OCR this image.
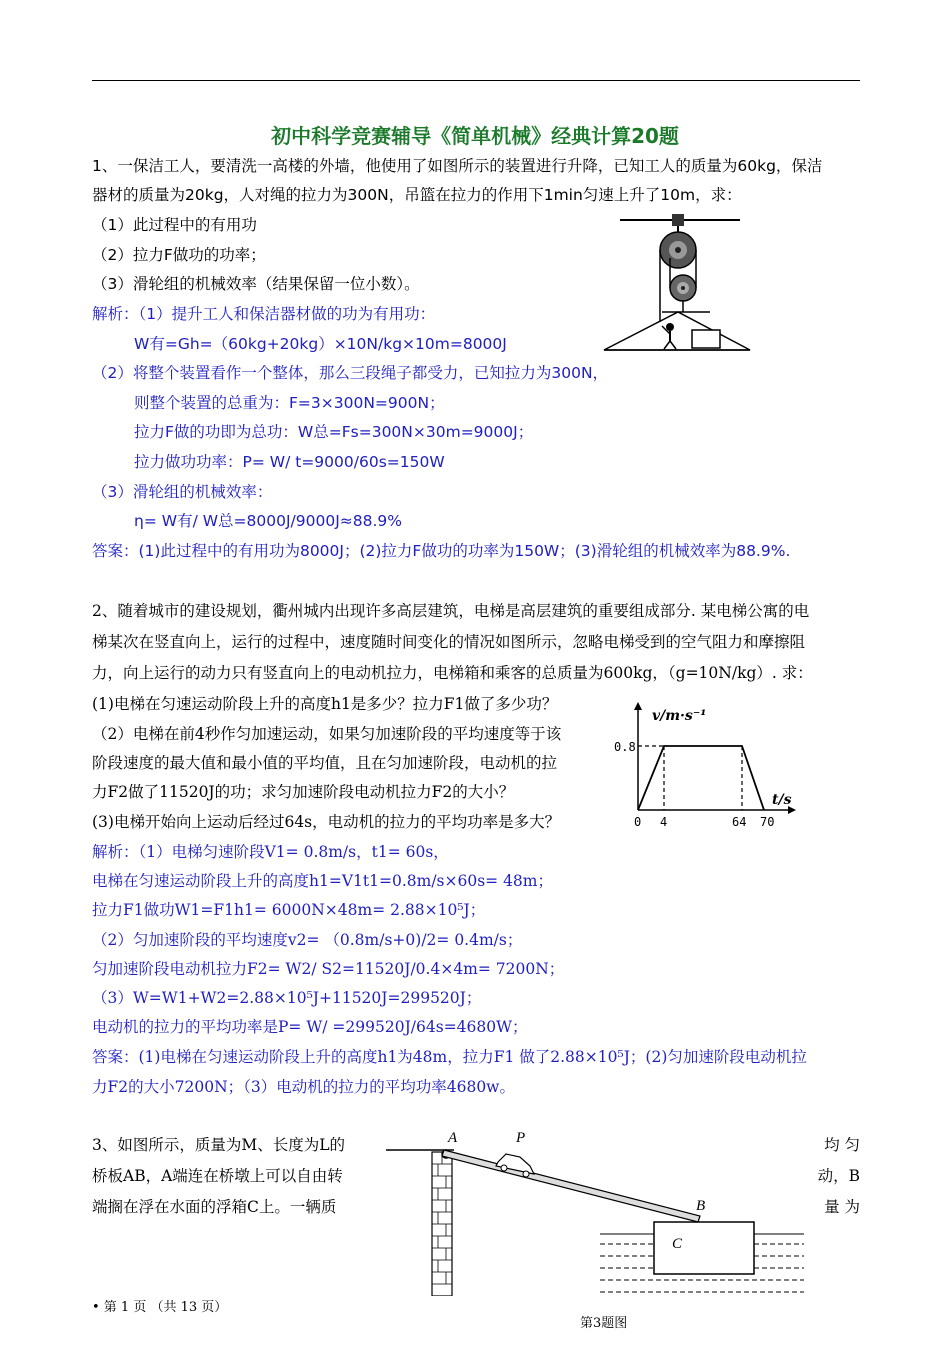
初中科学竞赛辅导《简单机械》经典计算20题
1、一保洁工人，要清洗一高楼的外墙，他使用了如图所示的装置进行升降，已知工人的质量为60kg，保洁
器材的质量为20kg，人对绳的拉力为300N，吊篮在拉力的作用下1min匀速上升了10m，求：
（1）此过程中的有用功
（2）拉力F做功的功率；
（3）滑轮组的机械效率（结果保留一位小数）。
解析：（1）提升工人和保洁器材做的功为有用功：
W有=Gh=（60kg+20kg）×10N/kg×10m=8000J
（2）将整个装置看作一个整体，那么三段绳子都受力，已知拉力为300N，
则整个装置的总重为：F=3×300N=900N；
拉力F做的功即为总功：W总=Fs=300N×30m=9000J；
拉力做功功率：P= W/ t=9000/60s=150W
（3）滑轮组的机械效率：
η= W有/ W总=8000J/9000J≈88.9%
答案：(1)此过程中的有用功为8000J；(2)拉力F做功的功率为150W；(3)滑轮组的机械效率为88.9%.
2、随着城市的建设规划，衢州城内出现许多高层建筑，电梯是高层建筑的重要组成部分. 某电梯公寓的电
梯某次在竖直向上，运行的过程中，速度随时间变化的情况如图所示，忽略电梯受到的空气阻力和摩擦阻
力，向上运行的动力只有竖直向上的电动机拉力，电梯箱和乘客的总质量为600kg，（g=10N/kg）. 求：
(1)电梯在匀速运动阶段上升的高度h1是多少？拉力F1做了多少功？
（2）电梯在前4秒作匀加速运动，如果匀加速阶段的平均速度等于该
阶段速度的最大值和最小值的平均值，且在匀加速阶段，电动机的拉
力F2做了11520J的功；求匀加速阶段电动机拉力F2的大小？
(3)电梯开始向上运动后经过64s，电动机的拉力的平均功率是多大？
解析：（1）电梯匀速阶段V1= 0.8m/s，t1= 60s，
电梯在匀速运动阶段上升的高度h1=V1t1=0.8m/s×60s= 48m；
拉力F1做功W1=F1h1= 6000N×48m= 2.88×10⁵J；
（2）匀加速阶段的平均速度v2= （0.8m/s+0)/2= 0.4m/s；
匀加速阶段电动机拉力F2= W2/ S2=11520J/0.4×4m= 7200N；
（3）W=W1+W2=2.88×10⁵J+11520J=299520J；
电动机的拉力的平均功率是P= W/ =299520J/64s=4680W；
答案：(1)电梯在匀速运动阶段上升的高度h1为48m，拉力F1 做了2.88×10⁵J；(2)匀加速阶段电动机拉
力F2的大小7200N；（3）电动机的拉力的平均功率4680w。
v/m·s⁻¹
t/s
0.8
0 4	64 70
3、如图所示，质量为M、长度为L的	均 匀
桥板AB，A端连在桥墩上可以自由转	动，B
端搁在浮在水面的浮箱C上。一辆质	量 为
A	P
B
C
第3题图
• 第 1 页 （共 13 页）
